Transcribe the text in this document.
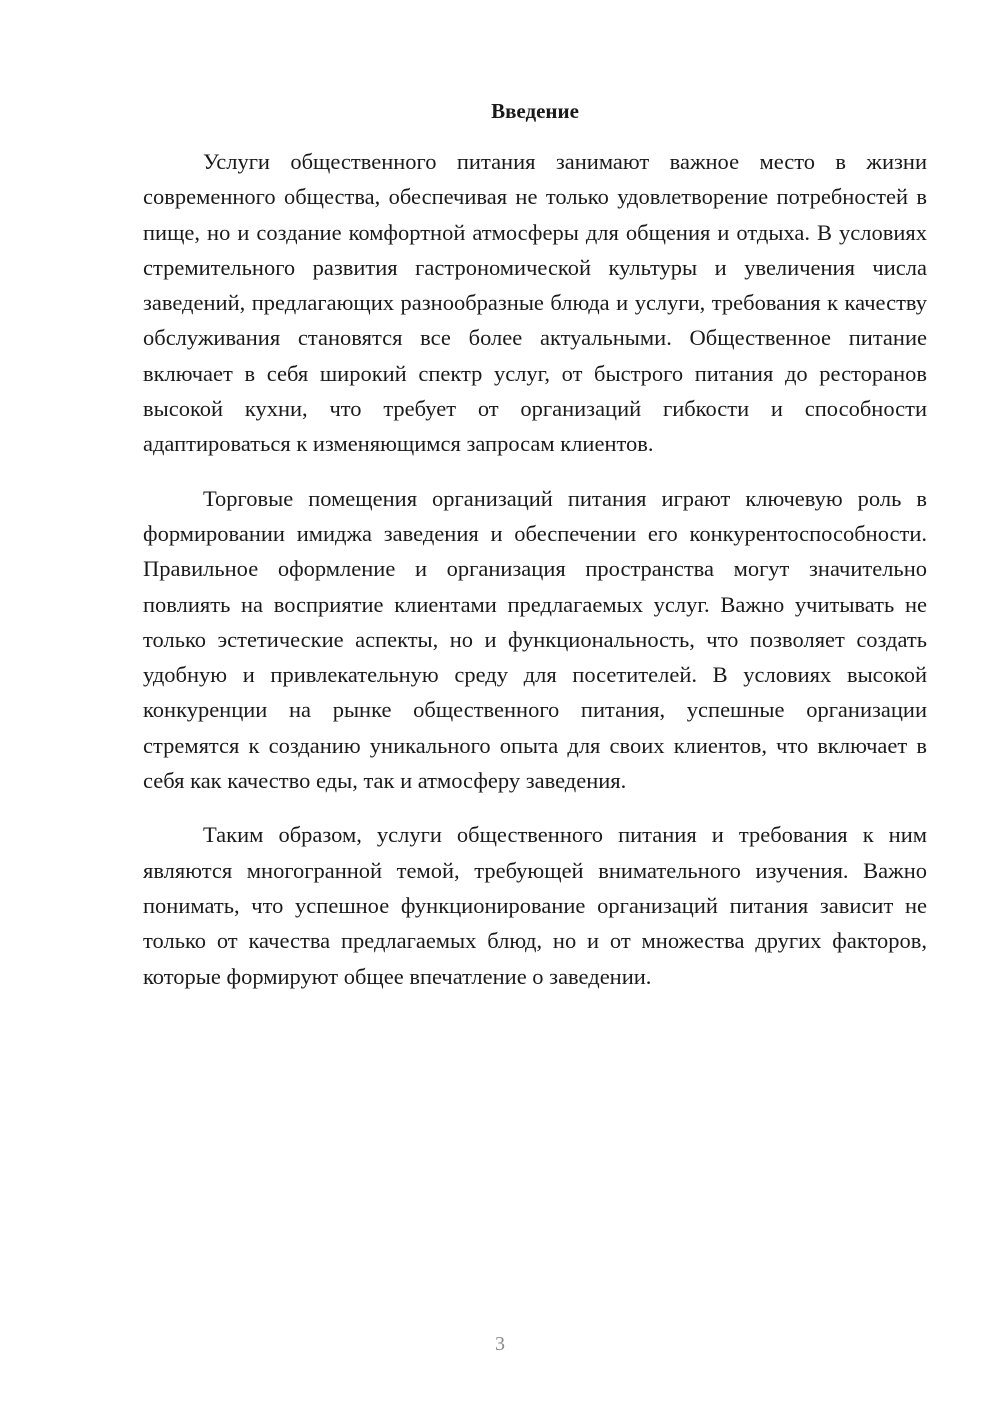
Введение

Услуги общественного питания занимают важное место в жизни современного общества, обеспечивая не только удовлетворение потребностей в пище, но и создание комфортной атмосферы для общения и отдыха. В условиях стремительного развития гастрономической культуры и увеличения числа заведений, предлагающих разнообразные блюда и услуги, требования к качеству обслуживания становятся все более актуальными. Общественное питание включает в себя широкий спектр услуг, от быстрого питания до ресторанов высокой кухни, что требует от организаций гибкости и способности адаптироваться к изменяющимся запросам клиентов.

Торговые помещения организаций питания играют ключевую роль в формировании имиджа заведения и обеспечении его конкурентоспособности. Правильное оформление и организация пространства могут значительно повлиять на восприятие клиентами предлагаемых услуг. Важно учитывать не только эстетические аспекты, но и функциональность, что позволяет создать удобную и привлекательную среду для посетителей. В условиях высокой конкуренции на рынке общественного питания, успешные организации стремятся к созданию уникального опыта для своих клиентов, что включает в себя как качество еды, так и атмосферу заведения.

Таким образом, услуги общественного питания и требования к ним являются многогранной темой, требующей внимательного изучения. Важно понимать, что успешное функционирование организаций питания зависит не только от качества предлагаемых блюд, но и от множества других факторов, которые формируют общее впечатление о заведении.

3
